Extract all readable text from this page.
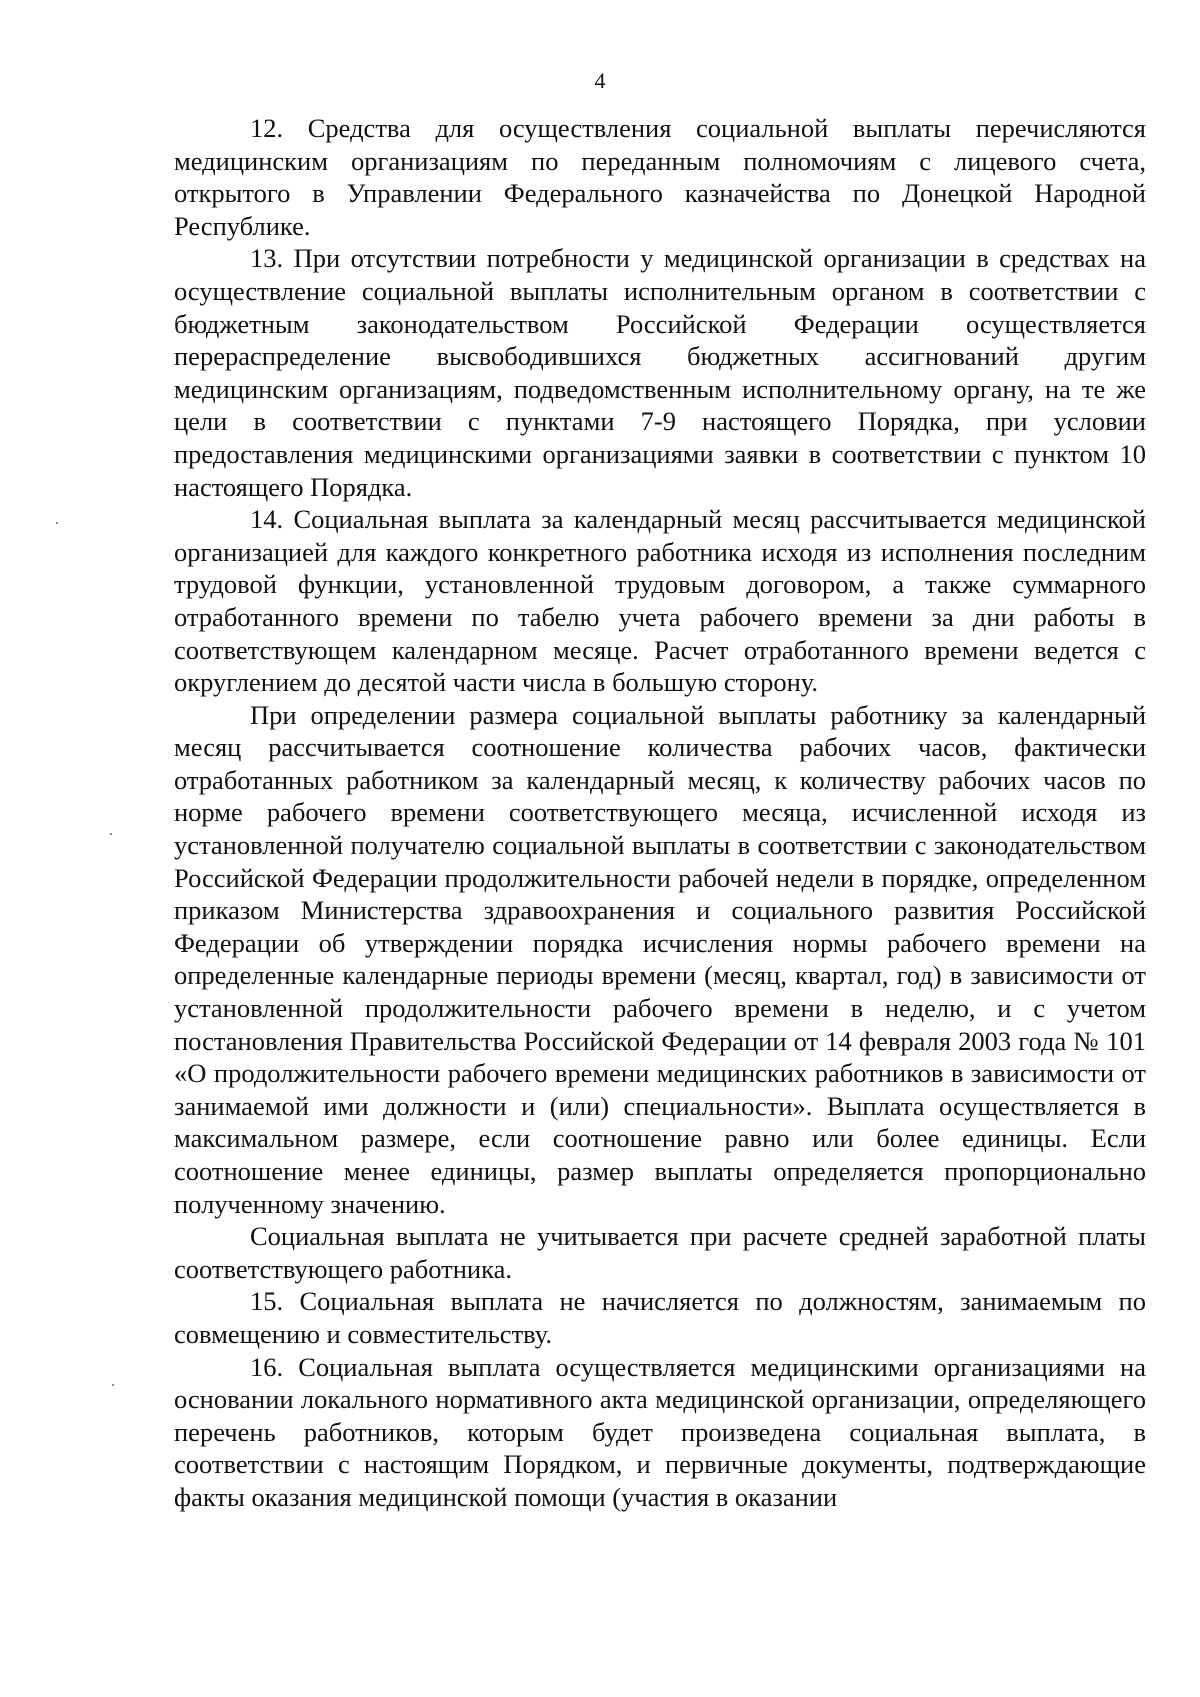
4

12. Средства для осуществления социальной выплаты перечисляются медицинским организациям по переданным полномочиям с лицевого счета, открытого в Управлении Федерального казначейства по Донецкой Народной Республике.

13. При отсутствии потребности у медицинской организации в средствах на осуществление социальной выплаты исполнительным органом в соответствии с бюджетным законодательством Российской Федерации осуществляется перераспределение высвободившихся бюджетных ассигнований другим медицинским организациям, подведомственным исполнительному органу, на те же цели в соответствии с пунктами 7-9 настоящего Порядка, при условии предоставления медицинскими организациями заявки в соответствии с пунктом 10 настоящего Порядка.

14. Социальная выплата за календарный месяц рассчитывается медицинской организацией для каждого конкретного работника исходя из исполнения последним трудовой функции, установленной трудовым договором, а также суммарного отработанного времени по табелю учета рабочего времени за дни работы в соответствующем календарном месяце. Расчет отработанного времени ведется с округлением до десятой части числа в большую сторону.

При определении размера социальной выплаты работнику за календарный месяц рассчитывается соотношение количества рабочих часов, фактически отработанных работником за календарный месяц, к количеству рабочих часов по норме рабочего времени соответствующего месяца, исчисленной исходя из установленной получателю социальной выплаты в соответствии с законодательством Российской Федерации продолжительности рабочей недели в порядке, определенном приказом Министерства здравоохранения и социального развития Российской Федерации об утверждении порядка исчисления нормы рабочего времени на определенные календарные периоды времени (месяц, квартал, год) в зависимости от установленной продолжительности рабочего времени в неделю, и с учетом постановления Правительства Российской Федерации от 14 февраля 2003 года № 101 «О продолжительности рабочего времени медицинских работников в зависимости от занимаемой ими должности и (или) специальности». Выплата осуществляется в максимальном размере, если соотношение равно или более единицы. Если соотношение менее единицы, размер выплаты определяется пропорционально полученному значению.

Социальная выплата не учитывается при расчете средней заработной платы соответствующего работника.

15. Социальная выплата не начисляется по должностям, занимаемым по совмещению и совместительству.

16. Социальная выплата осуществляется медицинскими организациями на основании локального нормативного акта медицинской организации, определяющего перечень работников, которым будет произведена социальная выплата, в соответствии с настоящим Порядком, и первичные документы, подтверждающие факты оказания медицинской помощи (участия в оказании
